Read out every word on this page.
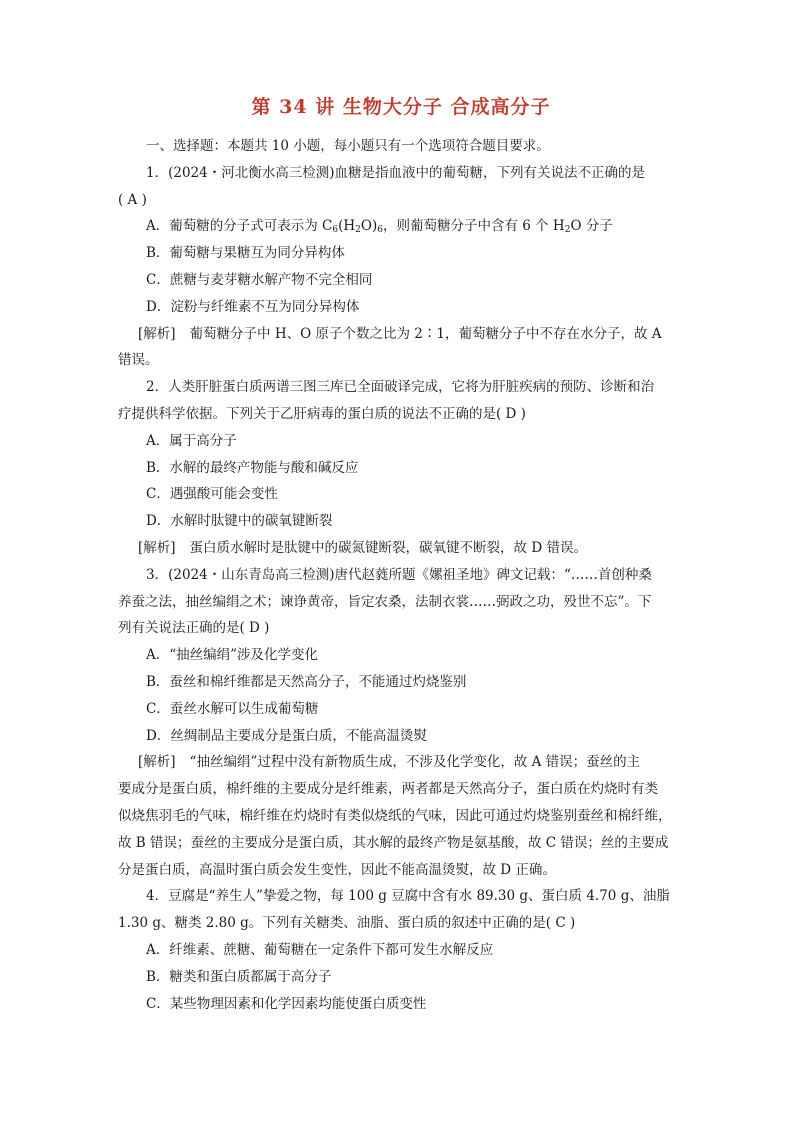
第 34 讲 生物大分子 合成高分子
一、选择题：本题共 10 小题，每小题只有一个选项符合题目要求。
1．(2024・河北衡水高三检测)血糖是指血液中的葡萄糖，下列有关说法不正确的是
( A )
A．葡萄糖的分子式可表示为 $C_6(H_2O)_6$，则葡萄糖分子中含有 6 个 $H_2O$ 分子
B．葡萄糖与果糖互为同分异构体
C．蔗糖与麦芽糖水解产物不完全相同
D．淀粉与纤维素不互为同分异构体
[解析] 葡萄糖分子中 H、O 原子个数之比为 2∶1，葡萄糖分子中不存在水分子，故 A
错误。
2．人类肝脏蛋白质两谱三图三库已全面破译完成，它将为肝脏疾病的预防、诊断和治
疗提供科学依据。下列关于乙肝病毒的蛋白质的说法不正确的是( D )
A．属于高分子
B．水解的最终产物能与酸和碱反应
C．遇强酸可能会变性
D．水解时肽键中的碳氧键断裂
[解析] 蛋白质水解时是肽键中的碳氮键断裂，碳氧键不断裂，故 D 错误。
3．(2024・山东青岛高三检测)唐代赵蕤所题《嫘祖圣地》碑文记载：“……首创种桑
养蚕之法，抽丝编绢之术；谏诤黄帝，旨定农桑，法制衣裳……弼政之功，殁世不忘”。下
列有关说法正确的是( D )
A．“抽丝编绢”涉及化学变化
B．蚕丝和棉纤维都是天然高分子，不能通过灼烧鉴别
C．蚕丝水解可以生成葡萄糖
D．丝绸制品主要成分是蛋白质，不能高温烫熨
[解析] “抽丝编绢”过程中没有新物质生成，不涉及化学变化，故 A 错误；蚕丝的主
要成分是蛋白质，棉纤维的主要成分是纤维素，两者都是天然高分子，蛋白质在灼烧时有类
似烧焦羽毛的气味，棉纤维在灼烧时有类似烧纸的气味，因此可通过灼烧鉴别蚕丝和棉纤维，
故 B 错误；蚕丝的主要成分是蛋白质，其水解的最终产物是氨基酸，故 C 错误；丝的主要成
分是蛋白质，高温时蛋白质会发生变性，因此不能高温烫熨，故 D 正确。
4．豆腐是“养生人”挚爱之物，每 100 g 豆腐中含有水 89.30 g、蛋白质 4.70 g、油脂
1.30 g、糖类 2.80 g。下列有关糖类、油脂、蛋白质的叙述中正确的是( C )
A．纤维素、蔗糖、葡萄糖在一定条件下都可发生水解反应
B．糖类和蛋白质都属于高分子
C．某些物理因素和化学因素均能使蛋白质变性
